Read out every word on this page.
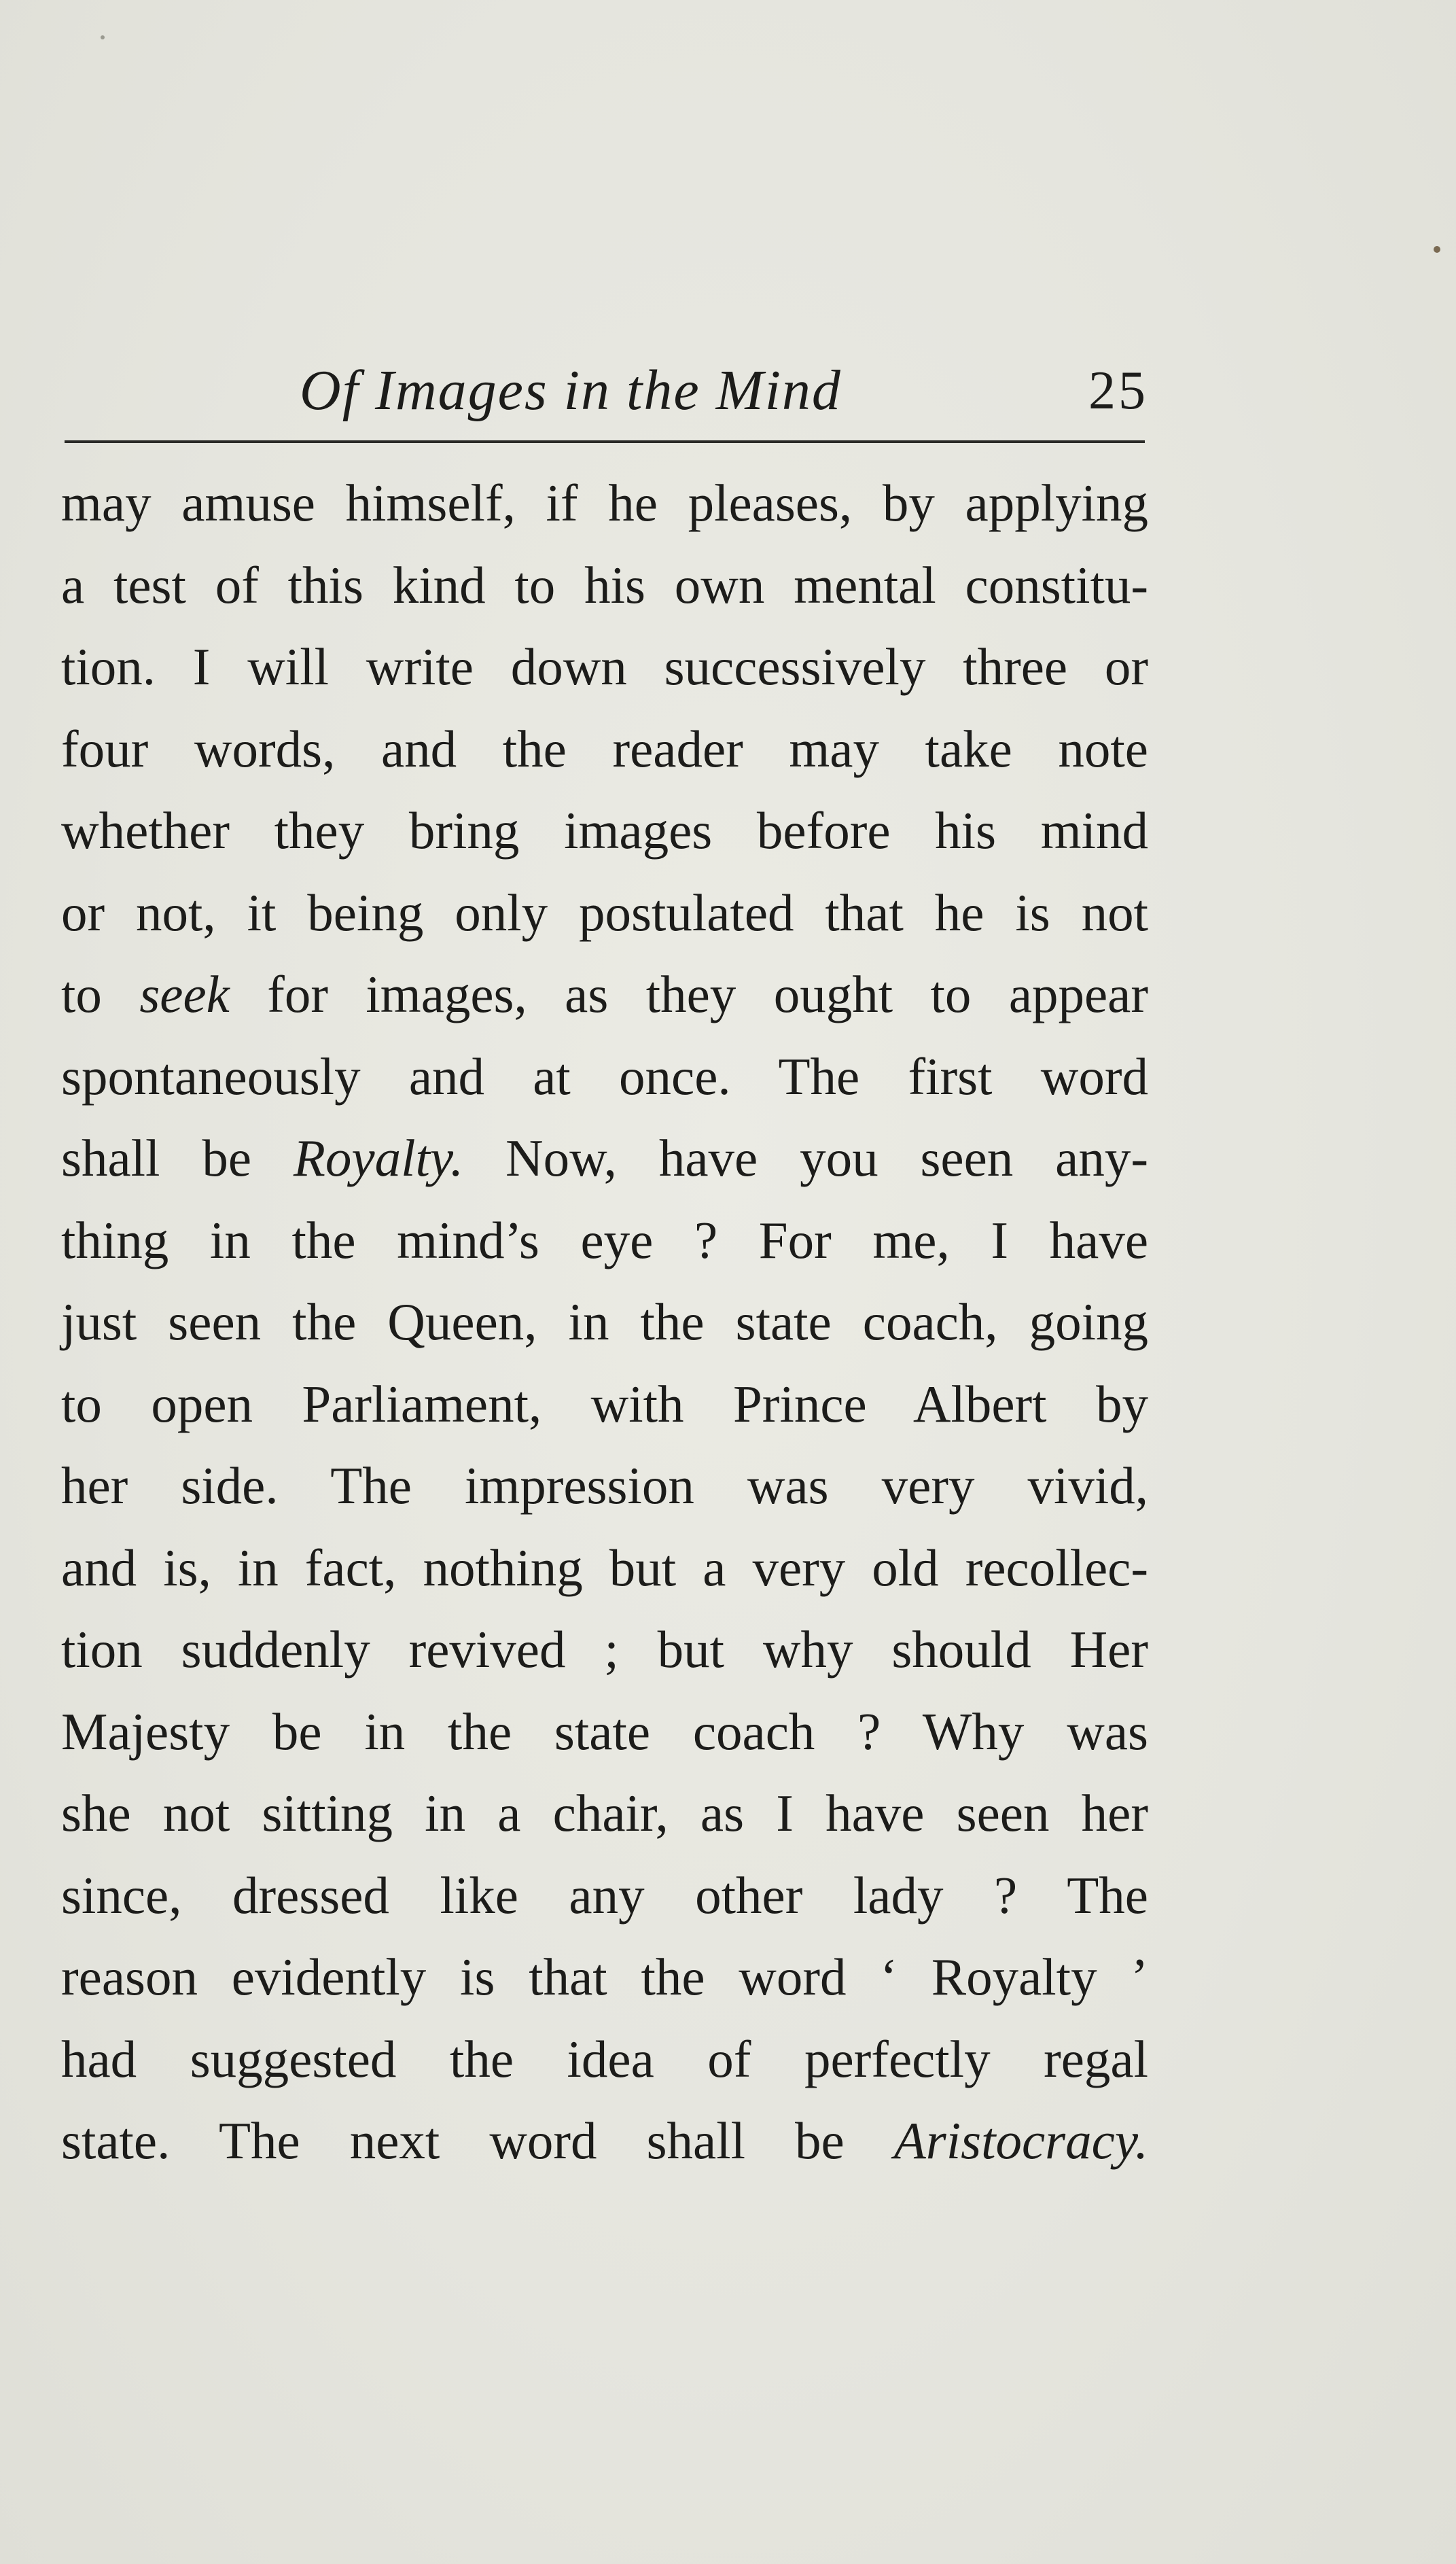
Of Images in the Mind	25
may amuse himself, if he pleases, by applying
a test of this kind to his own mental constitu-
tion. I will write down successively three or
four words, and the reader may take note
whether they bring images before his mind
or not, it being only postulated that he is not
to seek for images, as they ought to appear
spontaneously and at once. The first word
shall be Royalty. Now, have you seen any-
thing in the mind’s eye ? For me, I have
just seen the Queen, in the state coach, going
to open Parliament, with Prince Albert by
her side. The impression was very vivid,
and is, in fact, nothing but a very old recollec-
tion suddenly revived ; but why should Her
Majesty be in the state coach ? Why was
she not sitting in a chair, as I have seen her
since, dressed like any other lady ? The
reason evidently is that the word ‘ Royalty ’
had suggested the idea of perfectly regal
state. The next word shall be Aristocracy.
